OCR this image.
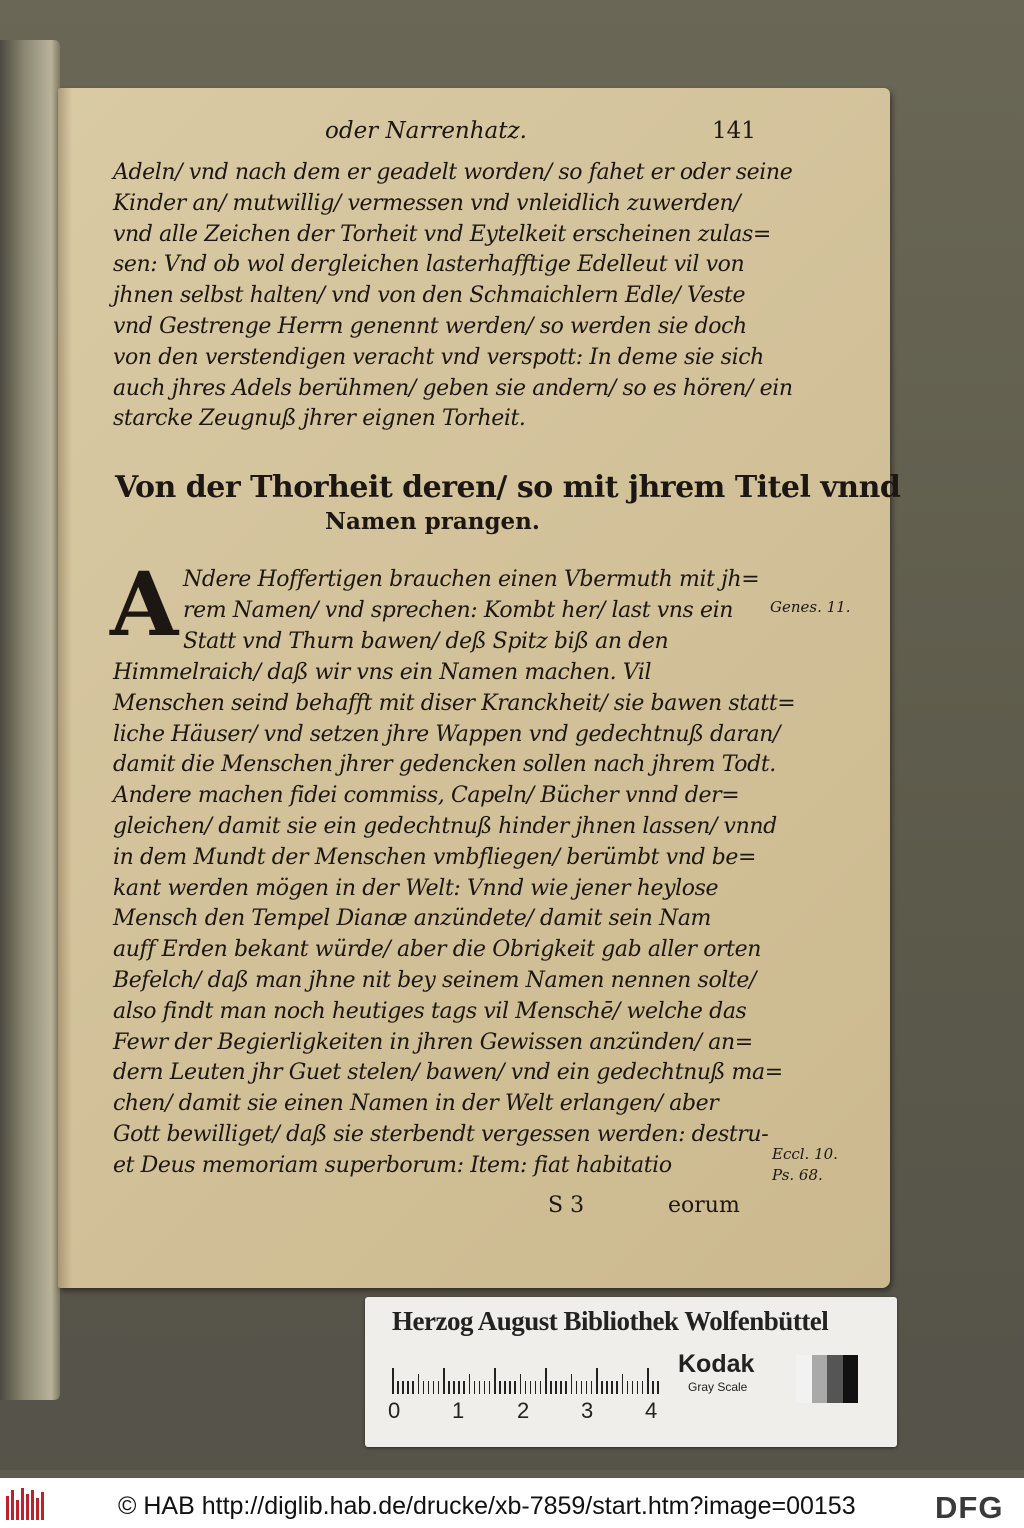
oder Narrenhatz.	141
Adeln/ vnd nach dem er geadelt worden/ so fahet er oder seine
Kinder an/ mutwillig/ vermessen vnd vnleidlich zuwerden/
vnd alle Zeichen der Torheit vnd Eytelkeit erscheinen zulas=
sen: Vnd ob wol dergleichen lasterhafftige Edelleut vil von
jhnen selbst halten/ vnd von den Schmaichlern Edle/ Veste
vnd Gestrenge Herrn genennt werden/ so werden sie doch
von den verstendigen veracht vnd verspott: In deme sie sich
auch jhres Adels berühmen/ geben sie andern/ so es hören/ ein
starcke Zeugnuß jhrer eignen Torheit.
Von der Thorheit deren/ so mit jhrem Titel vnnd
Namen prangen.
A Ndere Hoffertigen brauchen einen Vbermuth mit jh=
rem Namen/ vnd sprechen: Kombt her/ last vns ein
Statt vnd Thurn bawen/ deß Spitz biß an den
Himmelraich/ daß wir vns ein Namen machen. Vil
Menschen seind behafft mit diser Kranckheit/ sie bawen statt=
liche Häuser/ vnd setzen jhre Wappen vnd gedechtnuß daran/
damit die Menschen jhrer gedencken sollen nach jhrem Todt.
Andere machen fidei commiss, Capeln/ Bücher vnnd der=
gleichen/ damit sie ein gedechtnuß hinder jhnen lassen/ vnnd
in dem Mundt der Menschen vmbfliegen/ berümbt vnd be=
kant werden mögen in der Welt: Vnnd wie jener heylose
Mensch den Tempel Dianæ anzündete/ damit sein Nam
auff Erden bekant würde/ aber die Obrigkeit gab aller orten
Befelch/ daß man jhne nit bey seinem Namen nennen solte/
also findt man noch heutiges tags vil Menschē/ welche das
Fewr der Begierligkeiten in jhren Gewissen anzünden/ an=
dern Leuten jhr Guet stelen/ bawen/ vnd ein gedechtnuß ma=
chen/ damit sie einen Namen in der Welt erlangen/ aber
Gott bewilliget/ daß sie sterbendt vergessen werden: destru-
et Deus memoriam superborum: Item: fiat habitatio
Genes. 11.
Eccl. 10.
Ps. 68.
S 3	eorum
Herzog August Bibliothek Wolfenbüttel
0 1 2 3 4
Kodak
Gray Scale
© HAB http://diglib.hab.de/drucke/xb-7859/start.htm?image=00153	DFG
